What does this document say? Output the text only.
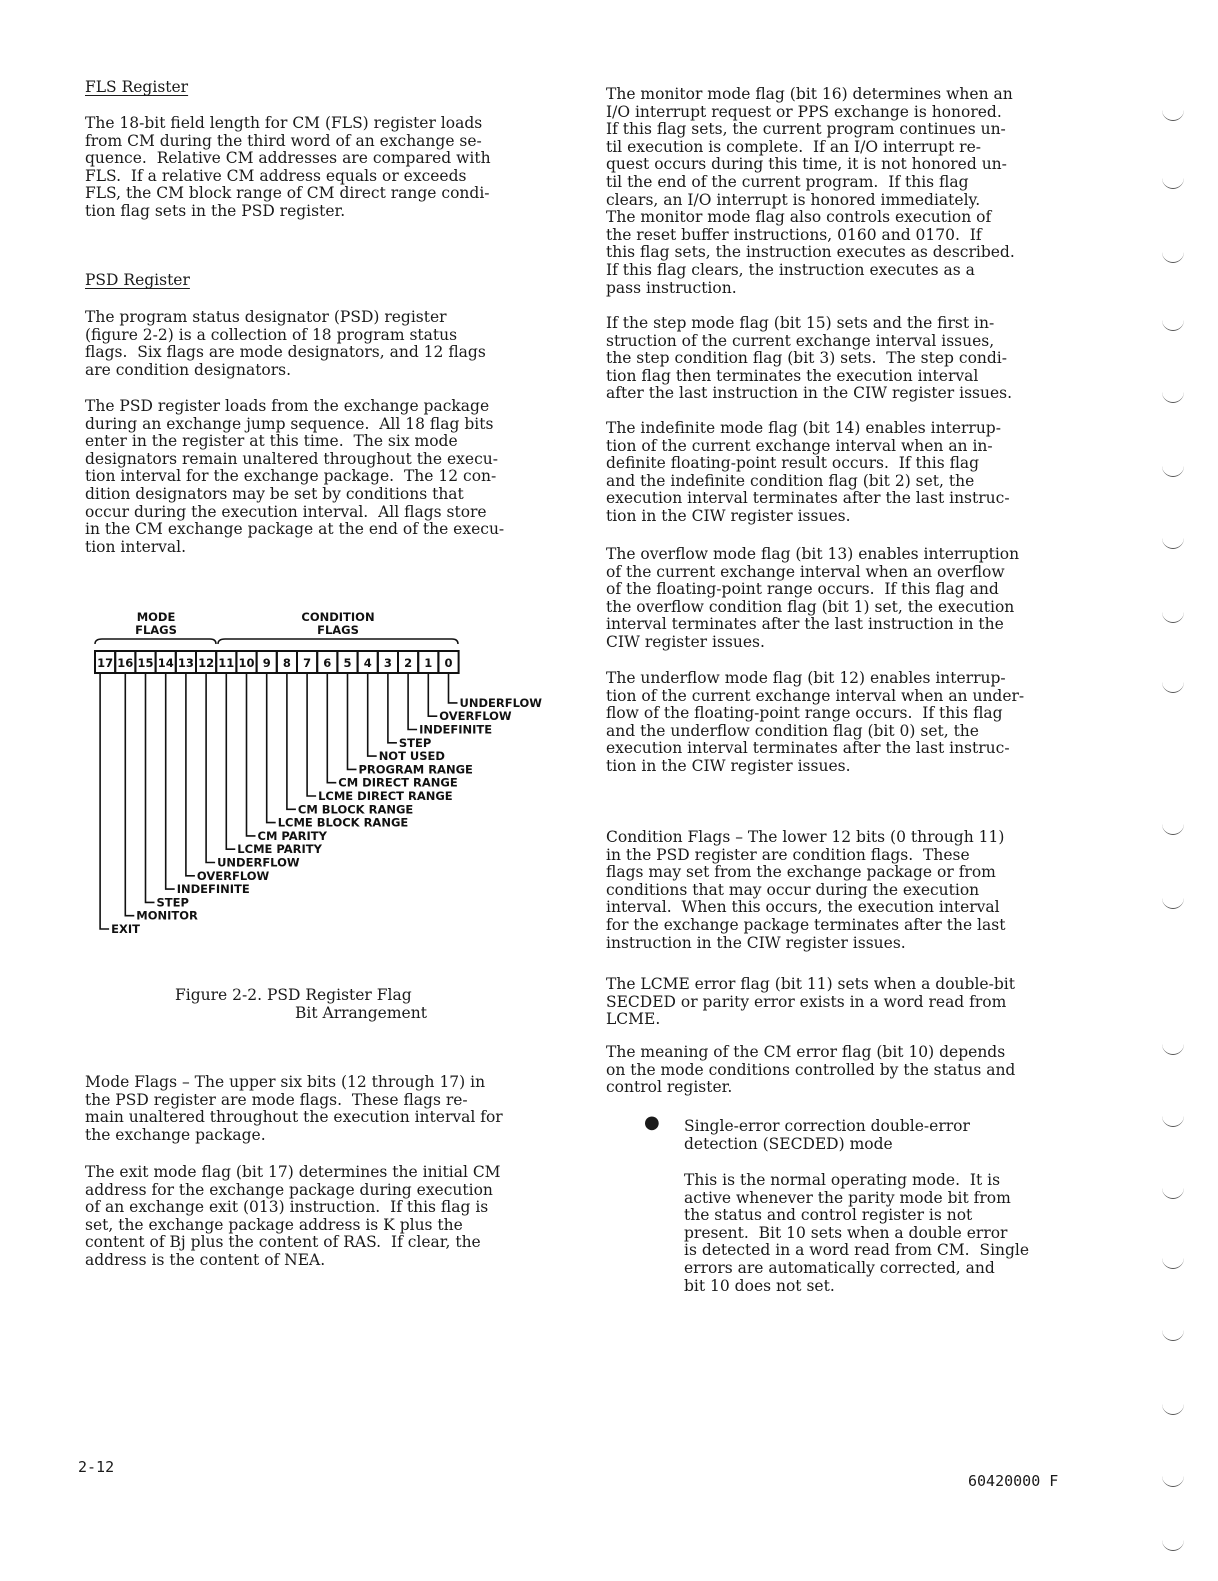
FLS Register

The 18-bit field length for CM (FLS) register loads
from CM during the third word of an exchange se-
quence.  Relative CM addresses are compared with
FLS.  If a relative CM address equals or exceeds
FLS, the CM block range of CM direct range condi-
tion flag sets in the PSD register.

PSD Register

The program status designator (PSD) register
(figure 2-2) is a collection of 18 program status
flags.  Six flags are mode designators, and 12 flags
are condition designators.

The PSD register loads from the exchange package
during an exchange jump sequence.  All 18 flag bits
enter in the register at this time.  The six mode
designators remain unaltered throughout the execu-
tion interval for the exchange package.  The 12 con-
dition designators may be set by conditions that
occur during the execution interval.  All flags store
in the CM exchange package at the end of the execu-
tion interval.

Figure 2-2. PSD Register Flag
Bit Arrangement

Mode Flags – The upper six bits (12 through 17) in
the PSD register are mode flags.  These flags re-
main unaltered throughout the execution interval for
the exchange package.

The exit mode flag (bit 17) determines the initial CM
address for the exchange package during execution
of an exchange exit (013) instruction.  If this flag is
set, the exchange package address is K plus the
content of Bj plus the content of RAS.  If clear, the
address is the content of NEA.

MODE
FLAGS
CONDITION
FLAGS
17 16 15 14 13 12 11 10 9 8 7 6 5 4 3 2 1 0
EXIT
MONITOR
STEP
INDEFINITE
OVERFLOW
UNDERFLOW
LCME PARITY
CM PARITY
LCME BLOCK RANGE
CM BLOCK RANGE
LCME DIRECT RANGE
CM DIRECT RANGE
PROGRAM RANGE
NOT USED
STEP
INDEFINITE
OVERFLOW
UNDERFLOW

The monitor mode flag (bit 16) determines when an
I/O interrupt request or PPS exchange is honored.
If this flag sets, the current program continues un-
til execution is complete.  If an I/O interrupt re-
quest occurs during this time, it is not honored un-
til the end of the current program.  If this flag
clears, an I/O interrupt is honored immediately.
The monitor mode flag also controls execution of
the reset buffer instructions, 0160 and 0170.  If
this flag sets, the instruction executes as described.
If this flag clears, the instruction executes as a
pass instruction.

If the step mode flag (bit 15) sets and the first in-
struction of the current exchange interval issues,
the step condition flag (bit 3) sets.  The step condi-
tion flag then terminates the execution interval
after the last instruction in the CIW register issues.

The indefinite mode flag (bit 14) enables interrup-
tion of the current exchange interval when an in-
definite floating-point result occurs.  If this flag
and the indefinite condition flag (bit 2) set, the
execution interval terminates after the last instruc-
tion in the CIW register issues.

The overflow mode flag (bit 13) enables interruption
of the current exchange interval when an overflow
of the floating-point range occurs.  If this flag and
the overflow condition flag (bit 1) set, the execution
interval terminates after the last instruction in the
CIW register issues.

The underflow mode flag (bit 12) enables interrup-
tion of the current exchange interval when an under-
flow of the floating-point range occurs.  If this flag
and the underflow condition flag (bit 0) set, the
execution interval terminates after the last instruc-
tion in the CIW register issues.

Condition Flags – The lower 12 bits (0 through 11)
in the PSD register are condition flags.  These
flags may set from the exchange package or from
conditions that may occur during the execution
interval.  When this occurs, the execution interval
for the exchange package terminates after the last
instruction in the CIW register issues.

The LCME error flag (bit 11) sets when a double-bit
SECDED or parity error exists in a word read from
LCME.

The meaning of the CM error flag (bit 10) depends
on the mode conditions controlled by the status and
control register.

● Single-error correction double-error
detection (SECDED) mode

This is the normal operating mode.  It is
active whenever the parity mode bit from
the status and control register is not
present.  Bit 10 sets when a double error
is detected in a word read from CM.  Single
errors are automatically corrected, and
bit 10 does not set.

2-12
60420000 F
